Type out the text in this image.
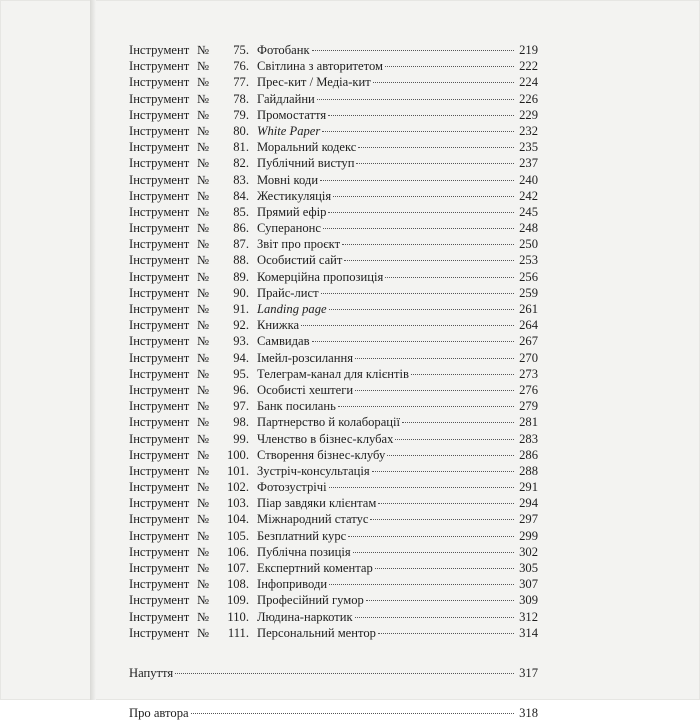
Інструмент №	75. Фотобанк	219
Інструмент №	76. Світлина з авторитетом	222
Інструмент №	77. Прес-кит / Медіа-кит	224
Інструмент №	78. Гайдлайни	226
Інструмент №	79. Промостаття	229
Інструмент №	80. White Paper	232
Інструмент №	81. Моральний кодекс	235
Інструмент №	82. Публічний виступ	237
Інструмент №	83. Мовні коди	240
Інструмент №	84. Жестикуляція	242
Інструмент №	85. Прямий ефір	245
Інструмент №	86. Суперанонс	248
Інструмент №	87. Звіт про проєкт	250
Інструмент №	88. Особистий сайт	253
Інструмент №	89. Комерційна пропозиція	256
Інструмент №	90. Прайс-лист	259
Інструмент №	91. Landing page	261
Інструмент №	92. Книжка	264
Інструмент №	93. Самвидав	267
Інструмент №	94. Імейл-розсилання	270
Інструмент №	95. Телеграм-канал для клієнтів	273
Інструмент №	96. Особисті хештеги	276
Інструмент №	97. Банк посилань	279
Інструмент №	98. Партнерство й колаборації	281
Інструмент №	99. Членство в бізнес-клубах	283
Інструмент №	100. Створення бізнес-клубу	286
Інструмент №	101. Зустріч-консультація	288
Інструмент №	102. Фотозустрічі	291
Інструмент №	103. Піар завдяки клієнтам	294
Інструмент №	104. Міжнародний статус	297
Інструмент №	105. Безплатний курс	299
Інструмент №	106. Публічна позиція	302
Інструмент №	107. Експертний коментар	305
Інструмент №	108. Інфоприводи	307
Інструмент №	109. Професійний гумор	309
Інструмент №	110. Людина-наркотик	312
Інструмент №	111. Персональний ментор	314
Напуття	317
Про автора	318
